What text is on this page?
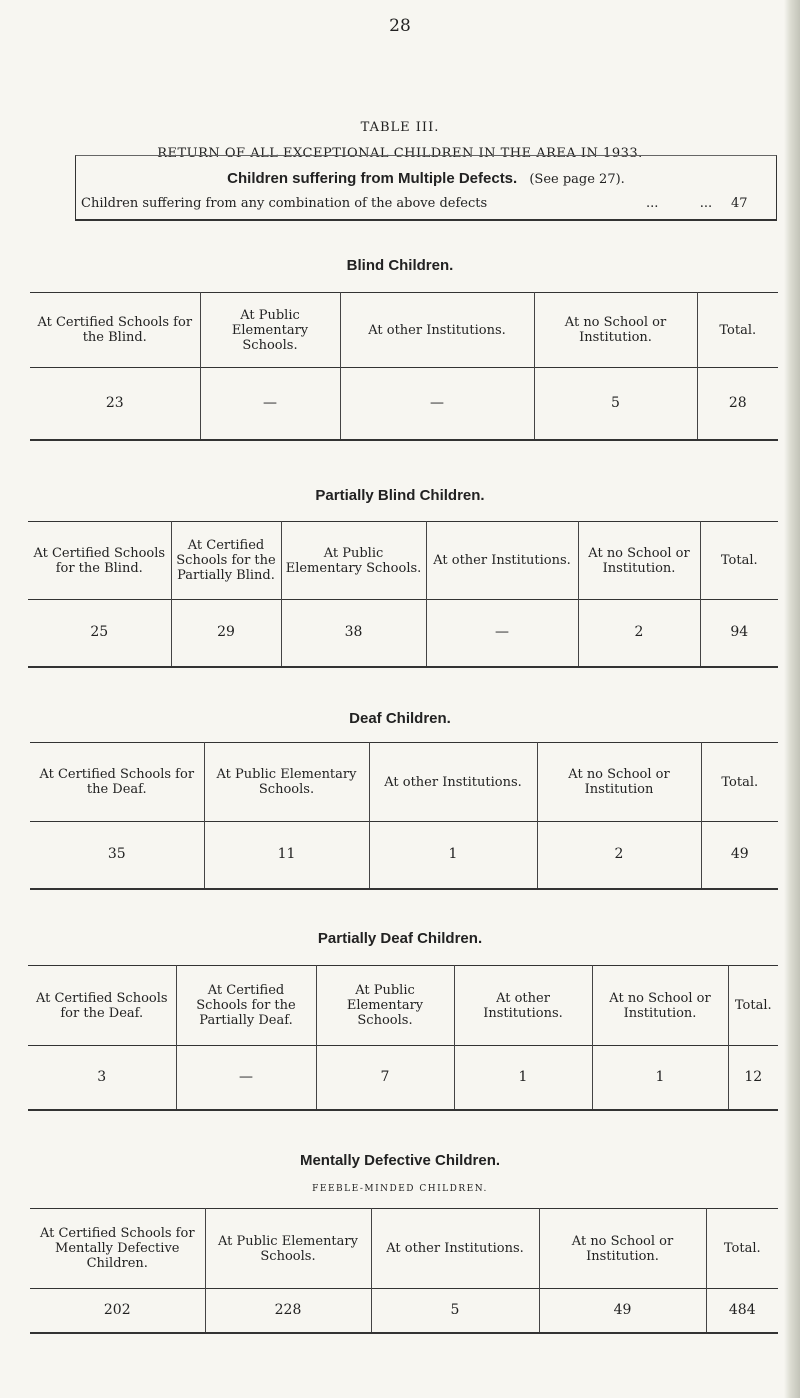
28
TABLE III.
RETURN OF ALL EXCEPTIONAL CHILDREN IN THE AREA IN 1933.
Children suffering from Multiple Defects. (See page 27).
Children suffering from any combination of the above defects	...          ... 47
Blind Children.
At Certified Schools for the Blind.	At Public Elementary Schools.	At other Institutions.	At no School or Institution.	Total.
23	—	—	5	28
Partially Blind Children.
At Certified Schools for the Blind.	At Certified Schools for the Partially Blind.	At Public Elementary Schools.	At other Institutions.	At no School or Institution.	Total.
25	29	38	—	2	94
Deaf Children.
At Certified Schools for the Deaf.	At Public Elementary Schools.	At other Institutions.	At no School or Institution	Total.
35	11	1	2	49
Partially Deaf Children.
At Certified Schools for the Deaf.	At Certified Schools for the Partially Deaf.	At Public Elementary Schools.	At other Institutions.	At no School or Institution.	Total.
3	—	7	1	1	12
Mentally Defective Children.
FEEBLE-MINDED CHILDREN.
At Certified Schools for Mentally Defective Children.	At Public Elementary Schools.	At other Institutions.	At no School or Institution.	Total.
202	228	5	49	484
